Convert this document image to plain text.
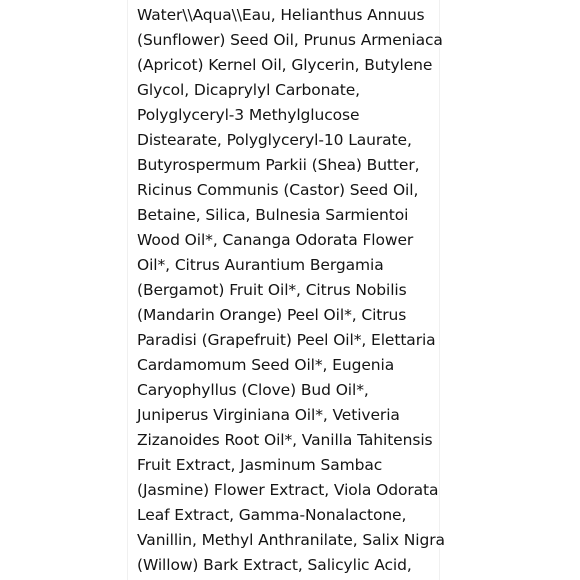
Water\\Aqua\\Eau, Helianthus Annuus
(Sunflower) Seed Oil, Prunus Armeniaca
(Apricot) Kernel Oil, Glycerin, Butylene
Glycol, Dicaprylyl Carbonate,
Polyglyceryl-3 Methylglucose
Distearate, Polyglyceryl-10 Laurate,
Butyrospermum Parkii (Shea) Butter,
Ricinus Communis (Castor) Seed Oil,
Betaine, Silica, Bulnesia Sarmientoi
Wood Oil*, Cananga Odorata Flower
Oil*, Citrus Aurantium Bergamia
(Bergamot) Fruit Oil*, Citrus Nobilis
(Mandarin Orange) Peel Oil*, Citrus
Paradisi (Grapefruit) Peel Oil*, Elettaria
Cardamomum Seed Oil*, Eugenia
Caryophyllus (Clove) Bud Oil*,
Juniperus Virginiana Oil*, Vetiveria
Zizanoides Root Oil*, Vanilla Tahitensis
Fruit Extract, Jasminum Sambac
(Jasmine) Flower Extract, Viola Odorata
Leaf Extract, Gamma-Nonalactone,
Vanillin, Methyl Anthranilate, Salix Nigra
(Willow) Bark Extract, Salicylic Acid,
